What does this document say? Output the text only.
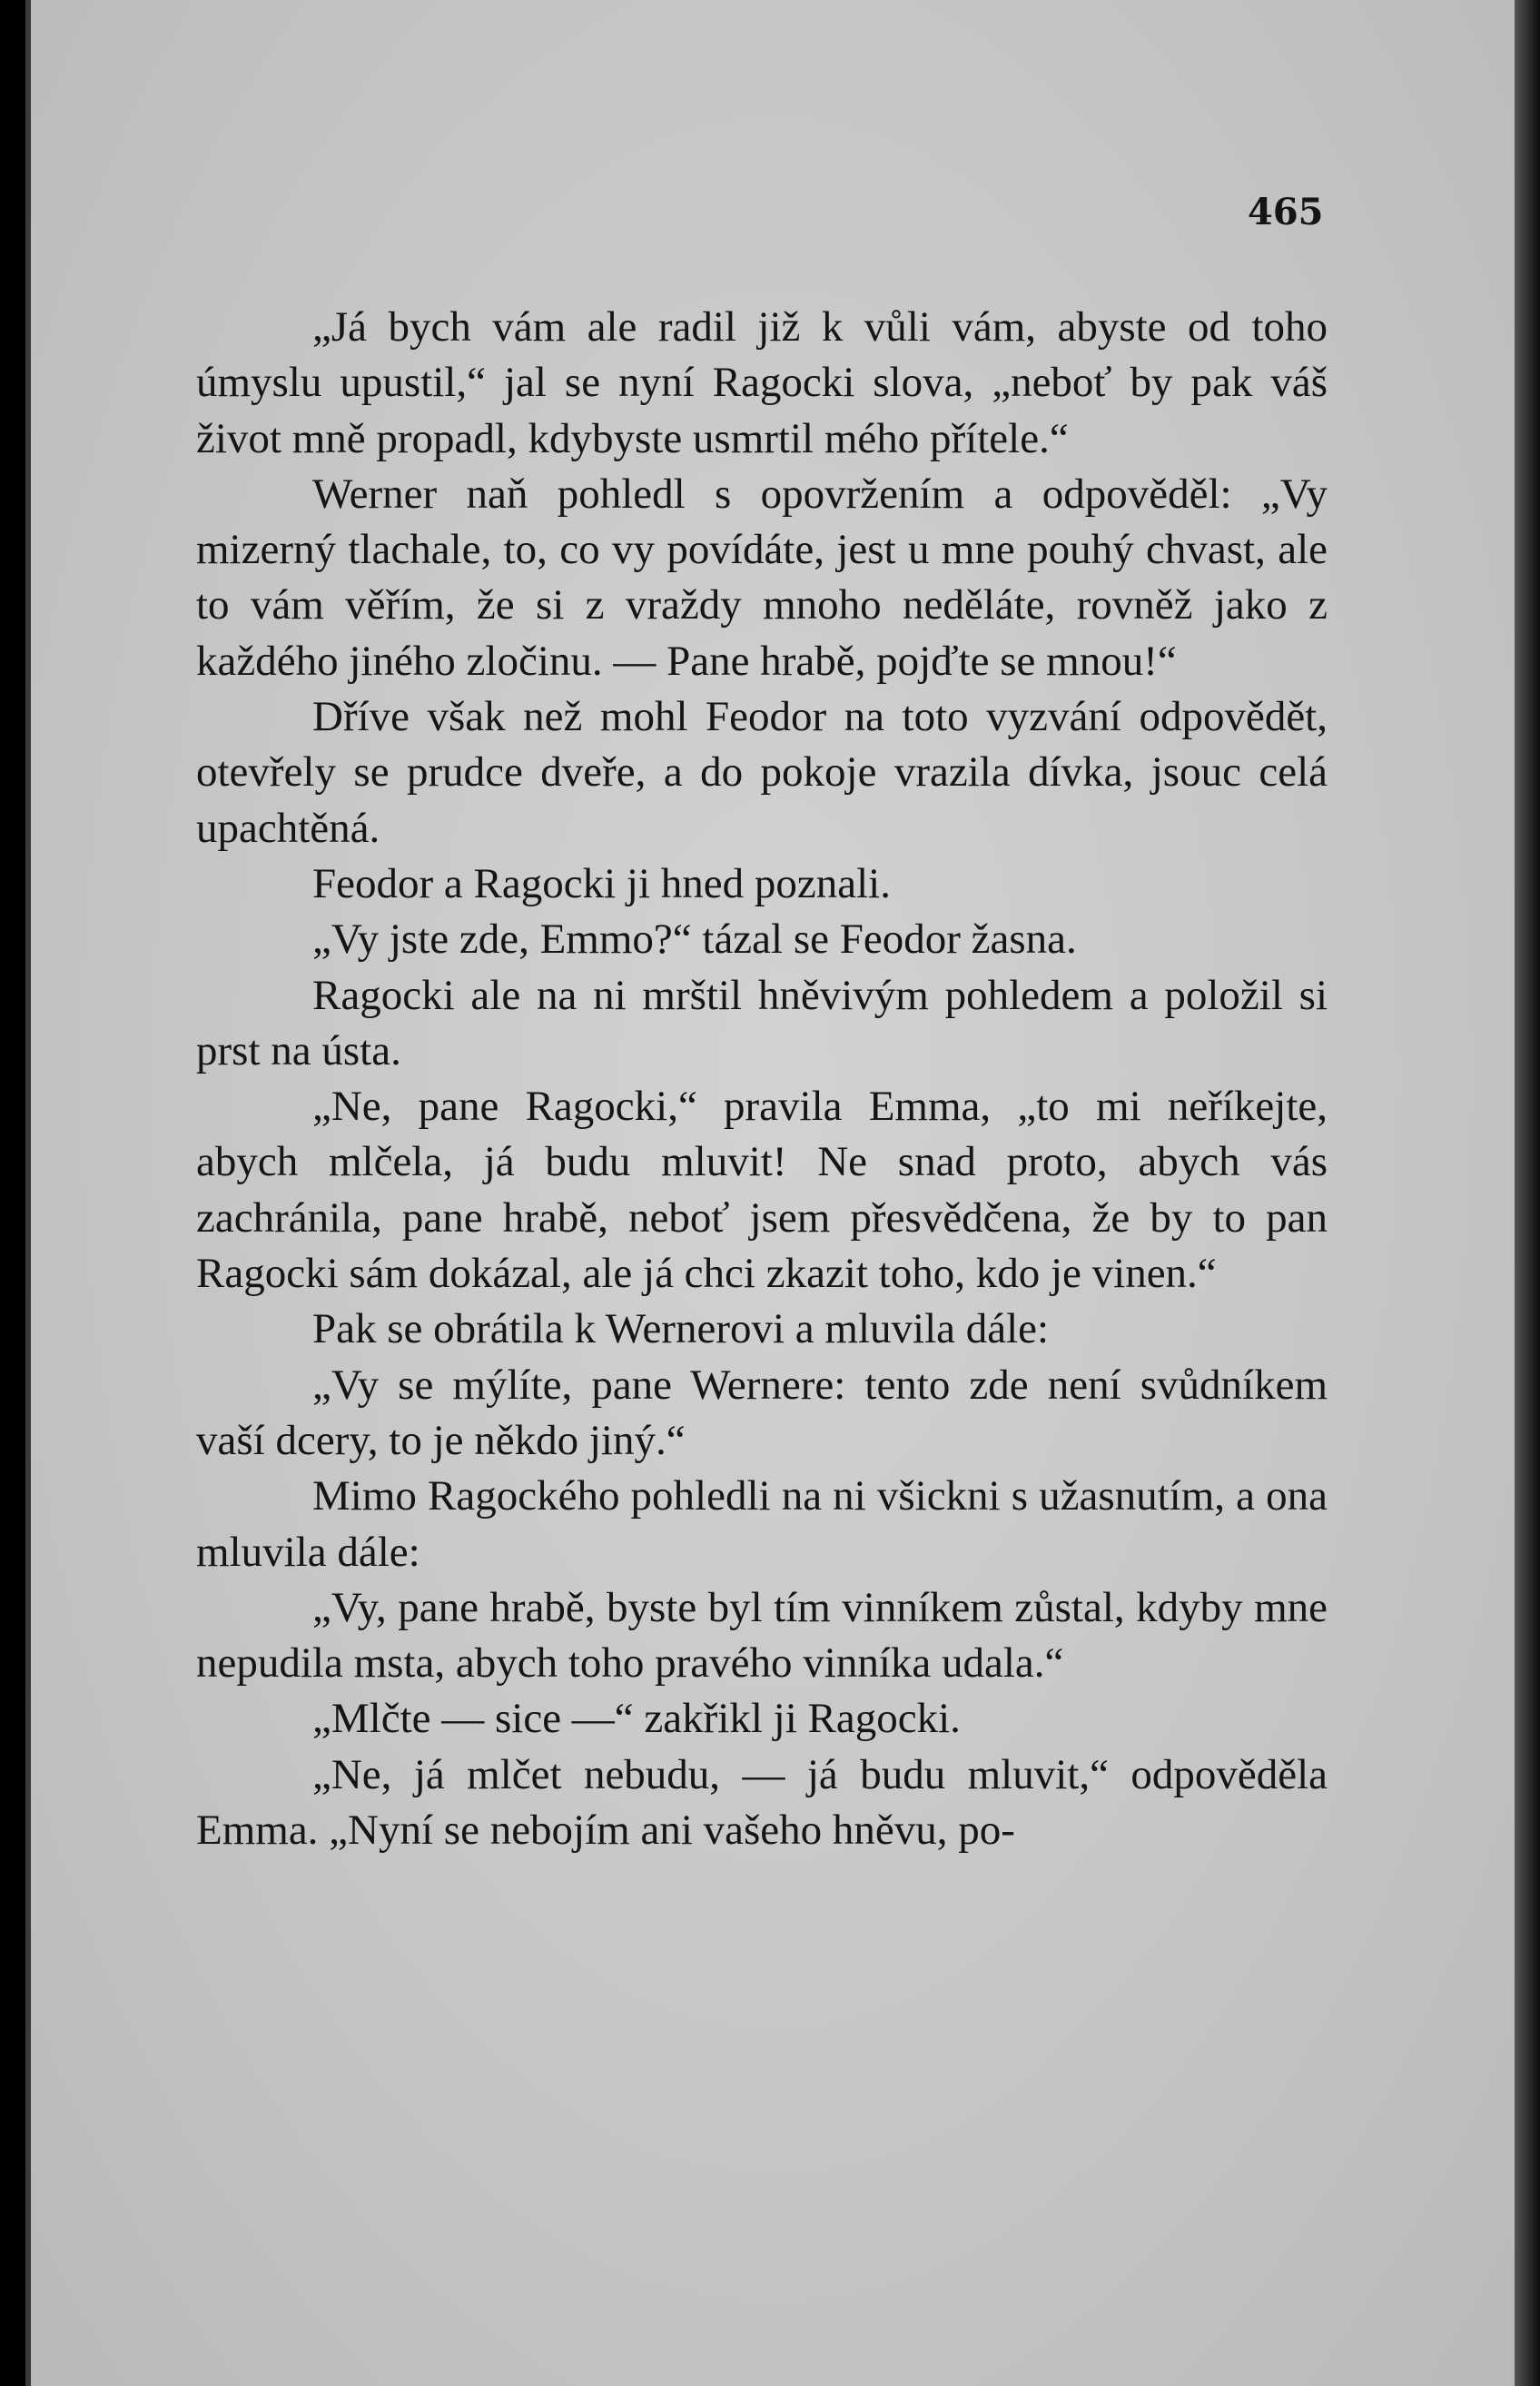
465

„Já bych vám ale radil již k vůli vám, abyste od toho úmyslu upustil,“ jal se nyní Ragocki slova, „neboť by pak váš život mně propadl, kdybyste usmrtil mého přítele.“

Werner naň pohledl s opovržením a odpověděl: „Vy mizerný tlachale, to, co vy povídáte, jest u mne pouhý chvast, ale to vám věřím, že si z vraždy mnoho neděláte, rovněž jako z každého jiného zločinu. — Pane hrabě, pojďte se mnou!“

Dříve však než mohl Feodor na toto vyzvání odpovědět, otevřely se prudce dveře, a do pokoje vrazila dívka, jsouc celá upachtěná.

Feodor a Ragocki ji hned poznali.

„Vy jste zde, Emmo?“ tázal se Feodor žasna.

Ragocki ale na ni mrštil hněvivým pohledem a položil si prst na ústa.

„Ne, pane Ragocki,“ pravila Emma, „to mi neříkejte, abych mlčela, já budu mluvit! Ne snad proto, abych vás zachránila, pane hrabě, neboť jsem přesvědčena, že by to pan Ragocki sám dokázal, ale já chci zkazit toho, kdo je vinen.“

Pak se obrátila k Wernerovi a mluvila dále:

„Vy se mýlíte, pane Wernere: tento zde není svůdníkem vaší dcery, to je někdo jiný.“

Mimo Ragockého pohledli na ni všickni s užasnutím, a ona mluvila dále:

„Vy, pane hrabě, byste byl tím vinníkem zůstal, kdyby mne nepudila msta, abych toho pravého vinníka udala.“

„Mlčte — sice —“ zakřikl ji Ragocki.

„Ne, já mlčet nebudu, — já budu mluvit,“ odpověděla Emma. „Nyní se nebojím ani vašeho hněvu, po-
